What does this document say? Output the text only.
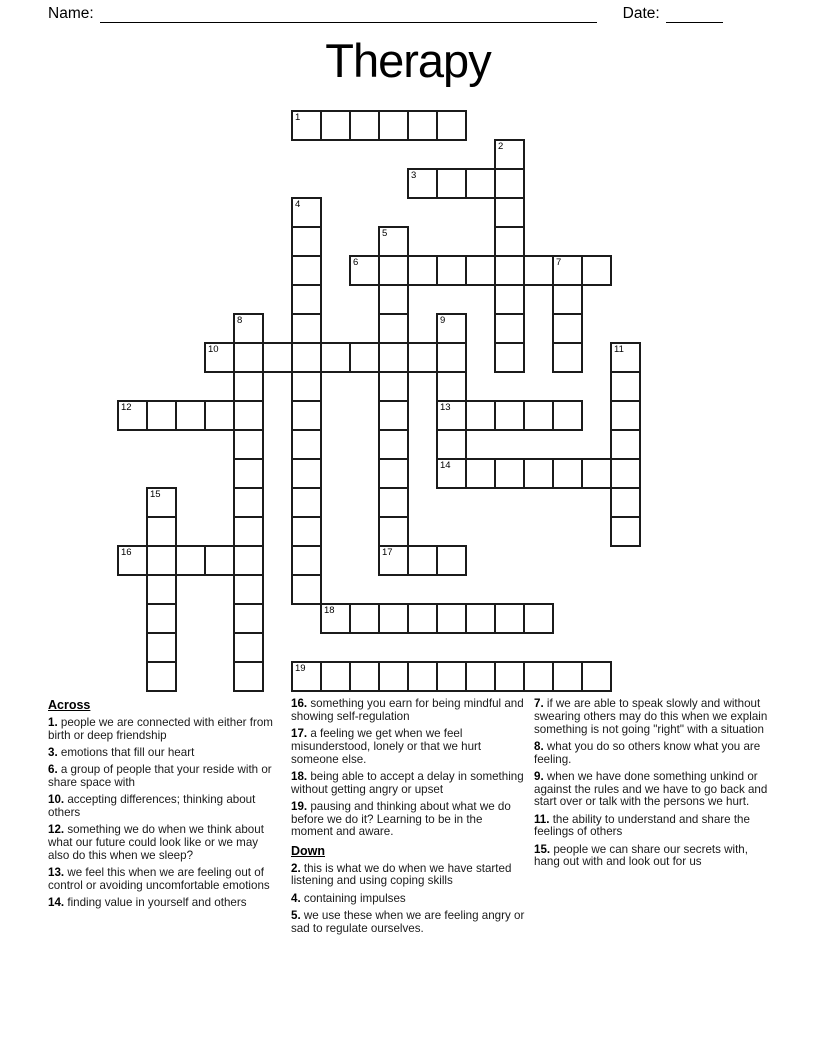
Name:	Date:
Therapy
1
2
3
4
5
17
6	7
8	9
13
14
10	11
12
15
16
18
19
Across
1. people we are connected with either from birth or deep friendship
3. emotions that fill our heart
6. a group of people that your reside with or share space with
10. accepting differences; thinking about others
12. something we do when we think about what our future could look like or we may also do this when we sleep?
13. we feel this when we are feeling out of control or avoiding uncomfortable emotions
14. finding value in yourself and others
16. something you earn for being mindful and showing self-regulation
17. a feeling we get when we feel misunderstood, lonely or that we hurt someone else.
18. being able to accept a delay in something without getting angry or upset
19. pausing and thinking about what we do before we do it? Learning to be in the moment and aware.
Down
2. this is what we do when we have started listening and using coping skills
4. containing impulses
5. we use these when we are feeling angry or sad to regulate ourselves.
7. if we are able to speak slowly and without swearing others may do this when we explain something is not going "right" with a situation
8. what you do so others know what you are feeling.
9. when we have done something unkind or against the rules and we have to go back and start over or talk with the persons we hurt.
11. the ability to understand and share the feelings of others
15. people we can share our secrets with, hang out with and look out for us
